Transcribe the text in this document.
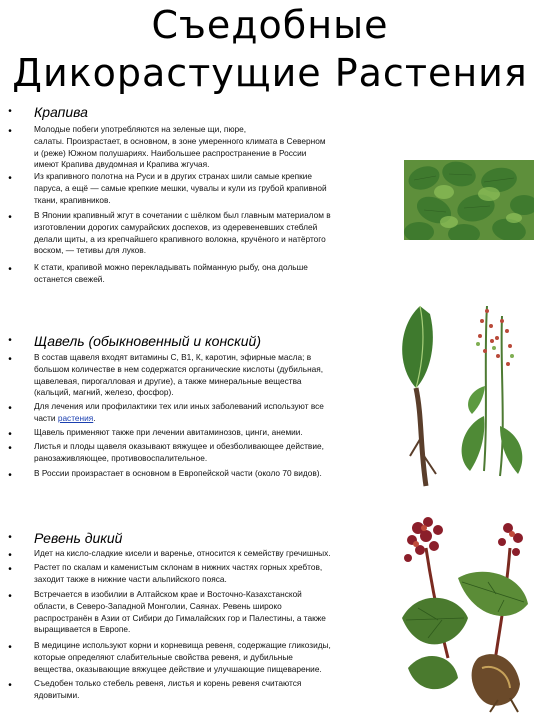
Съедобные
Дикорастущие Растения
• Крапива
•	Молодые побеги употребляются на зеленые щи, пюре,
салаты. Произрастает, в основном, в зоне умеренного климата в Северном
и (реже) Южном полушариях. Наибольшее распространение в России
имеют Крапива двудомная и Крапива жгучая.
•	Из крапивного полотна на Руси и в других странах шили самые крепкие
паруса, а ещё — самые крепкие мешки, чувалы и кули из грубой крапивной
ткани, крапивников.
•	В Японии крапивный жгут в сочетании с шёлком был главным материалом в
изготовлении дорогих самурайских доспехов, из одеревеневших стеблей
делали щиты, а из крепчайшего крапивного волокна, кручёного и натёртого
воском, — тетивы для луков.
•	К стати, крапивой можно перекладывать пойманную рыбу, она дольше
останется свежей.
• Щавель (обыкновенный и конский)
•	В состав щавеля входят витамины С, В1, К, каротин, эфирные масла; в
большом количестве в нем содержатся органические кислоты (дубильная,
щавелевая, пирогалловая и другие), а также минеральные вещества
(кальций, магний, железо, фосфор).
•	Для лечения или профилактики тех или иных заболеваний используют все
части растения.
•	Щавель применяют также при лечении авитаминозов, цинги, анемии.
•	Листья и плоды щавеля оказывают вяжущее и обезболивающее действие,
ранозаживляющее, противовоспалительное.
•	В России произрастает в основном в Европейской части (около 70 видов).
• Ревень дикий
•	Идет на кисло-сладкие кисели и варенье, относится к семейству гречишных.
•	Растет по скалам и каменистым склонам в нижних частях горных хребтов,
заходит также в нижние части альпийского пояса.
•	Встречается в изобилии в Алтайском крае и Восточно-Казахстанской
области, в Северо-Западной Монголии, Саянах. Ревень широко
распространён в Азии от Сибири до Гималайских гор и Палестины, а также
выращивается в Европе.
•	В медицине используют корни и корневища ревеня, содержащие гликозиды,
которые определяют слабительные свойства ревеня, и дубильные
вещества, оказывающие вяжущее действие и улучшающие пищеварение.
•	Съедобен только стебель ревеня, листья и корень ревеня считаются
ядовитыми.
